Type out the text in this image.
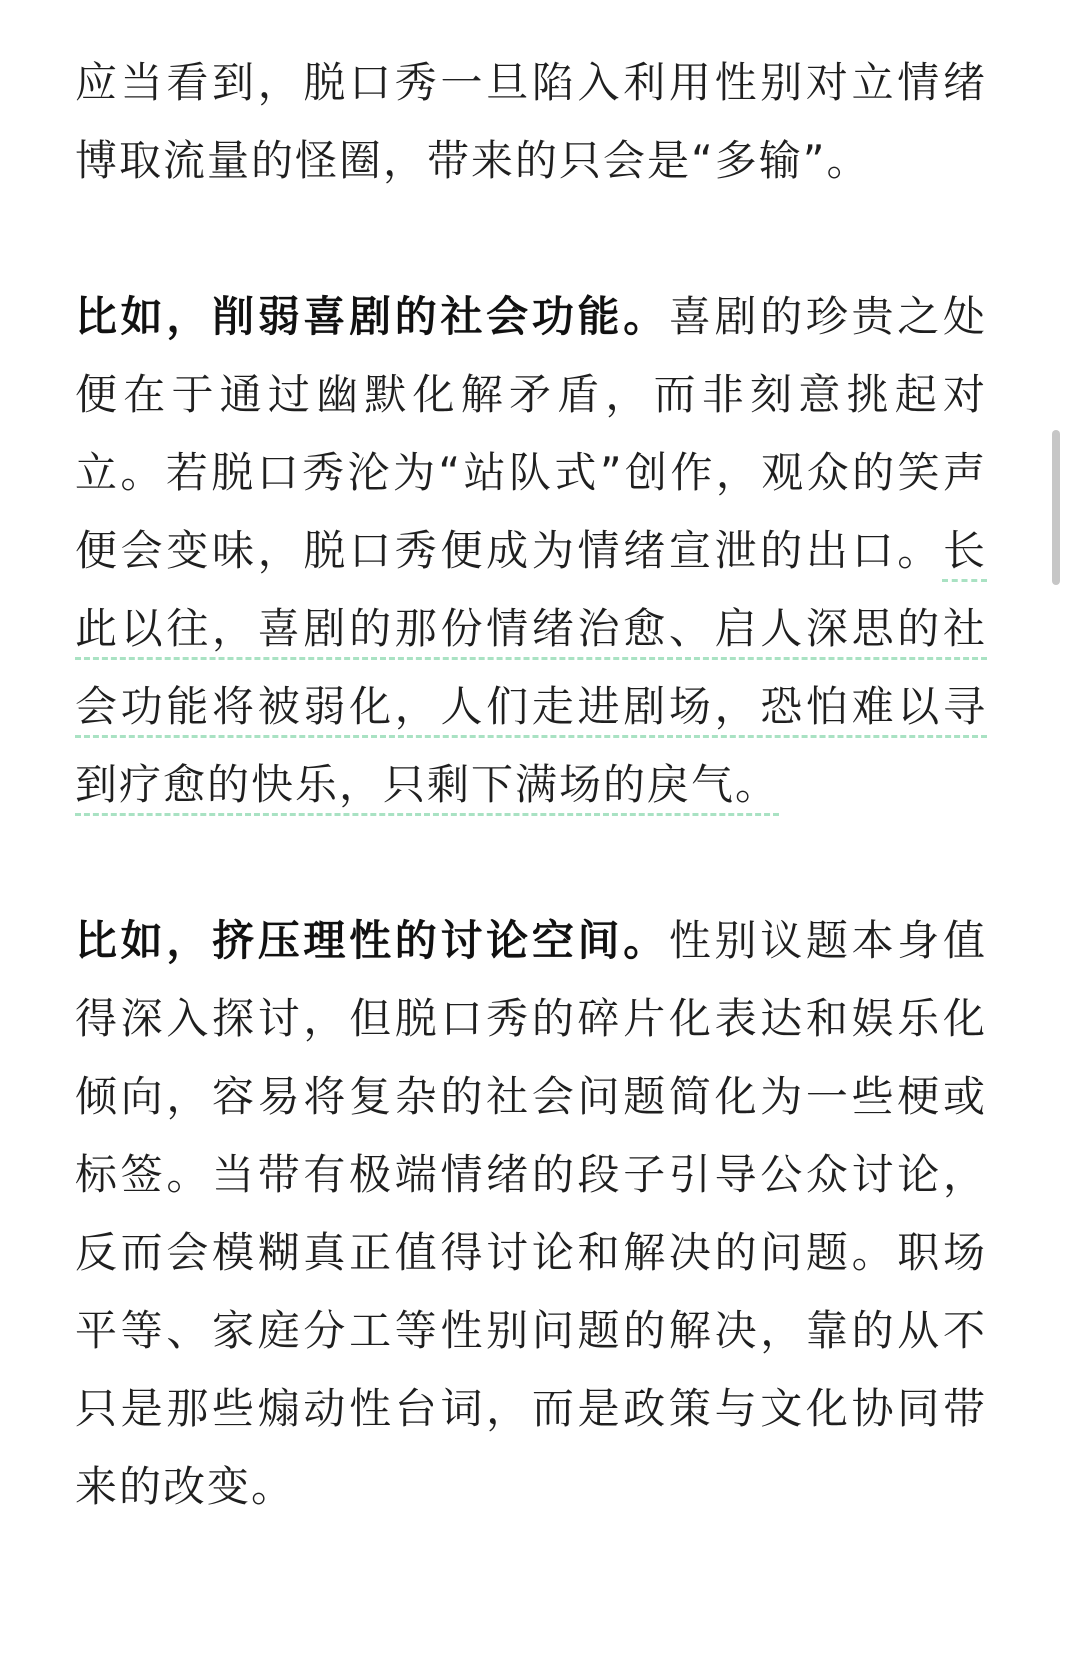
应当看到，脱口秀一旦陷入利用性别对立情绪博取流量的怪圈，带来的只会是“多输”。

比如，削弱喜剧的社会功能。喜剧的珍贵之处便在于通过幽默化解矛盾，而非刻意挑起对立。若脱口秀沦为“站队式”创作，观众的笑声便会变味，脱口秀便成为情绪宣泄的出口。长此以往，喜剧的那份情绪治愈、启人深思的社会功能将被弱化，人们走进剧场，恐怕难以寻到疗愈的快乐，只剩下满场的戾气。

比如，挤压理性的讨论空间。性别议题本身值得深入探讨，但脱口秀的碎片化表达和娱乐化倾向，容易将复杂的社会问题简化为一些梗或标签。当带有极端情绪的段子引导公众讨论，反而会模糊真正值得讨论和解决的问题。职场平等、家庭分工等性别问题的解决，靠的从不只是那些煽动性台词，而是政策与文化协同带来的改变。
